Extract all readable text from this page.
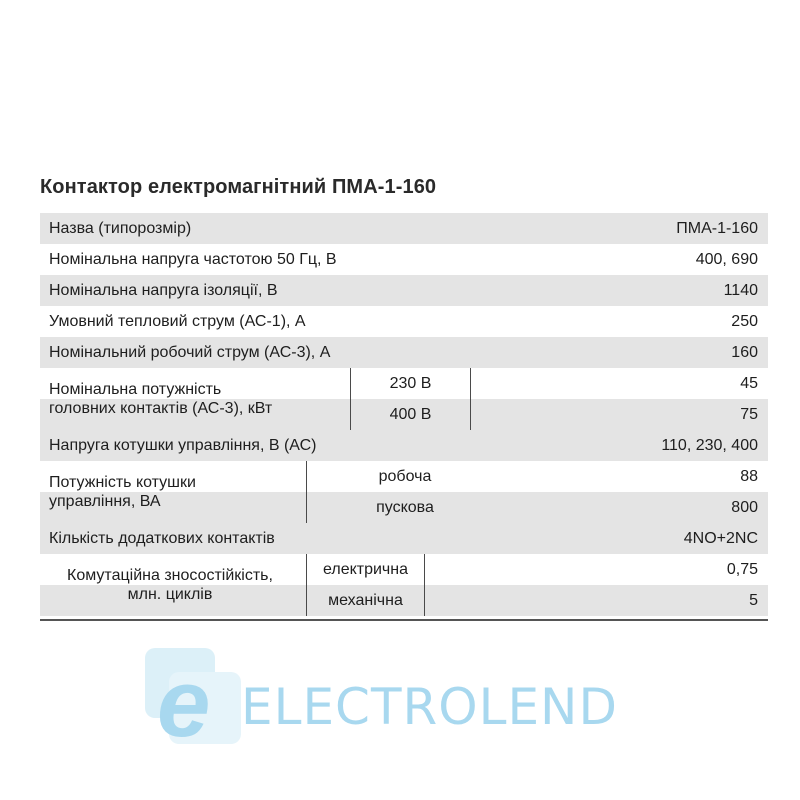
Контактор електромагнітний ПМА-1-160
Назва (типорозмір)	ПМА-1-160
Номінальна напруга частотою 50 Гц, В	400, 690
Номінальна напруга ізоляції, В	1140
Умовний тепловий струм (АС-1), А	250
Номінальний робочий струм (АС-3), А	160
Номінальна потужність
головних контактів (АС-3), кВт
230 В	45
400 В	75
Напруга котушки управління, В (АС)	110, 230, 400
Потужність котушки
управління, ВА
робоча	88
пускова	800
Кількість додаткових контактів	4NO+2NC
Комутаційна зносостійкість,
млн. циклів
електрична	0,75
механічна	5
e ELECTROLEND
